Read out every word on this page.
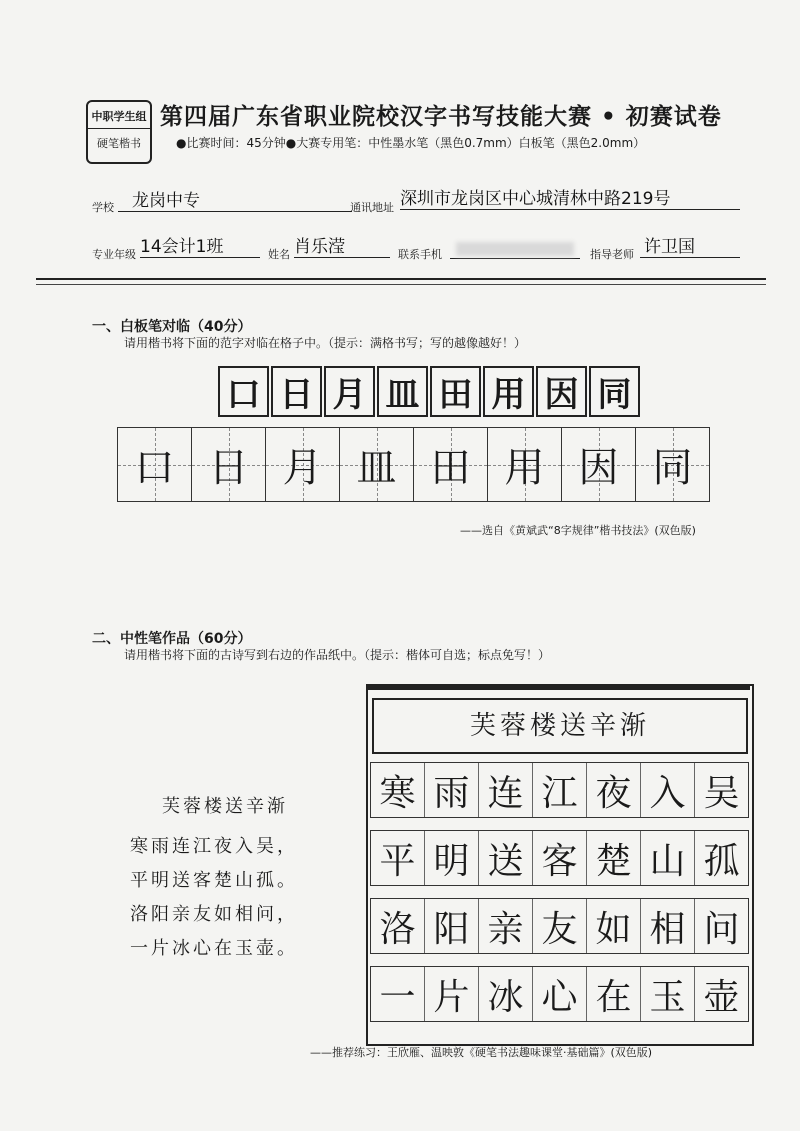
中职学生组
硬笔楷书
第四届广东省职业院校汉字书写技能大赛 • 初赛试卷
●比赛时间：45分钟●大赛专用笔：中性墨水笔（黑色0.7mm）白板笔（黑色2.0mm）
学校	龙岗中专	通讯地址 深圳市龙岗区中心城清林中路219号
专业年级 14会计1班	姓名 肖乐滢	联系手机	指导老师 许卫国
一、白板笔对临（40分）
请用楷书将下面的范字对临在格子中。（提示：满格书写；写的越像越好！）
口 日 月 皿 田 用 因 同
口 日 月 皿 田 用 因 同
——选自《黄斌武“8字规律”楷书技法》(双色版)
二、中性笔作品（60分）
请用楷书将下面的古诗写到右边的作品纸中。（提示：楷体可自选；标点免写！）
芙蓉楼送辛渐
寒雨连江夜入吴，
平明送客楚山孤。
洛阳亲友如相问，
一片冰心在玉壶。
芙蓉楼送辛渐
寒 雨 连 江 夜 入 吴
平 明 送 客 楚 山 孤
洛 阳 亲 友 如 相 问
一 片 冰 心 在 玉 壶
——推荐练习：王欣雁、温映敦《硬笔书法趣味课堂·基础篇》(双色版)
